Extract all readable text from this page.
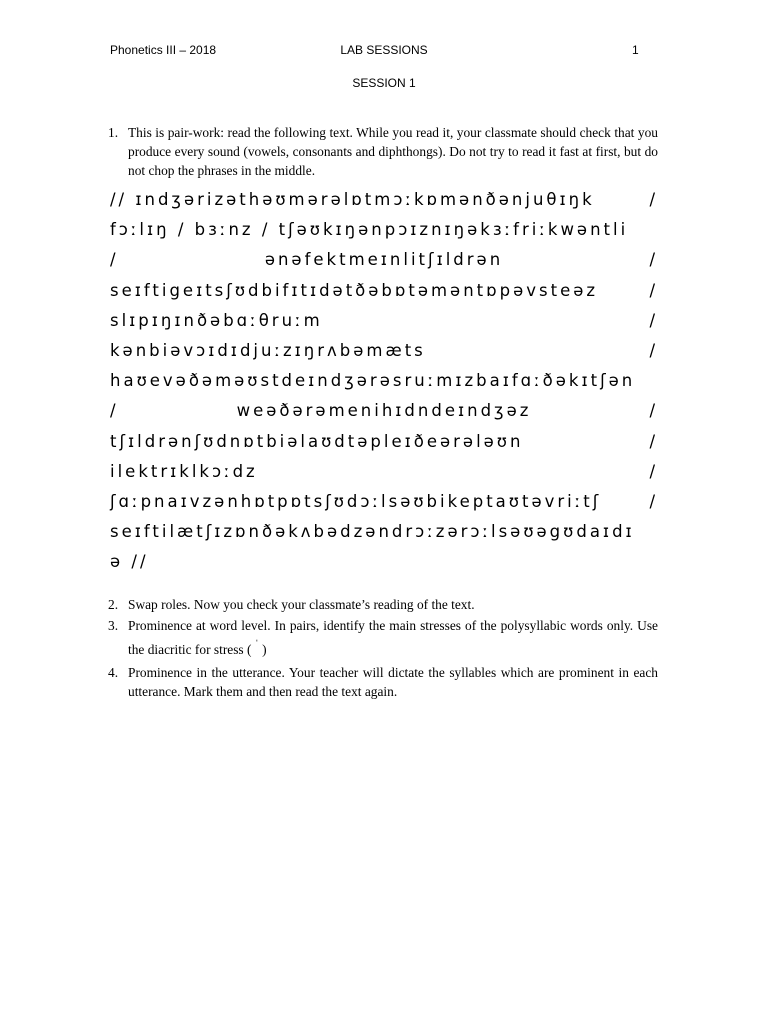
Phonetics III – 2018	LAB SESSIONS	1
SESSION 1
1. This is pair-work: read the following text. While you read it, your classmate should check that you produce every sound (vowels, consonants and diphthongs). Do not try to read it fast at first, but do not chop the phrases in the middle.
// ɪndʒərizəthəʊmərəlɒtmɔːkɒmənðənjuθɪŋk	/
fɔːlɪŋ / bɜːnz / tʃəʊkɪŋənpɔɪznɪŋəkɜːfriːkwəntli
/	ənəfektmeɪnlitʃɪldrən	/
seɪftigeɪtsʃʊdbifɪtɪdətðəbɒtəməntɒpəvsteəz	/
slɪpɪŋɪnðəbɑːθruːm	/
kənbiəvɔɪdɪdjuːzɪŋrʌbəmæts	/
haʊevəðəməʊstdeɪndʒərəsruːmɪzbaɪfɑːðəkɪtʃən
/	weəðərəmenihɪdndeɪndʒəz	/
tʃɪldrənʃʊdnɒtbiəlaʊdtəpleɪðeərələʊn	/
ilektrɪklkɔːdz	/
ʃɑːpnaɪvzənhɒtpɒtsʃʊdɔːlsəʊbikeptaʊtəvriːtʃ	/
seɪftilætʃɪzɒnðəkʌbədzəndrɔːzərɔːlsəʊəgʊdaɪdɪ
ə //
2. Swap roles. Now you check your classmate’s reading of the text.
3. Prominence at word level. In pairs, identify the main stresses of the polysyllabic words only. Use the diacritic for stress ( ˈ )
4. Prominence in the utterance. Your teacher will dictate the syllables which are prominent in each utterance. Mark them and then read the text again.
